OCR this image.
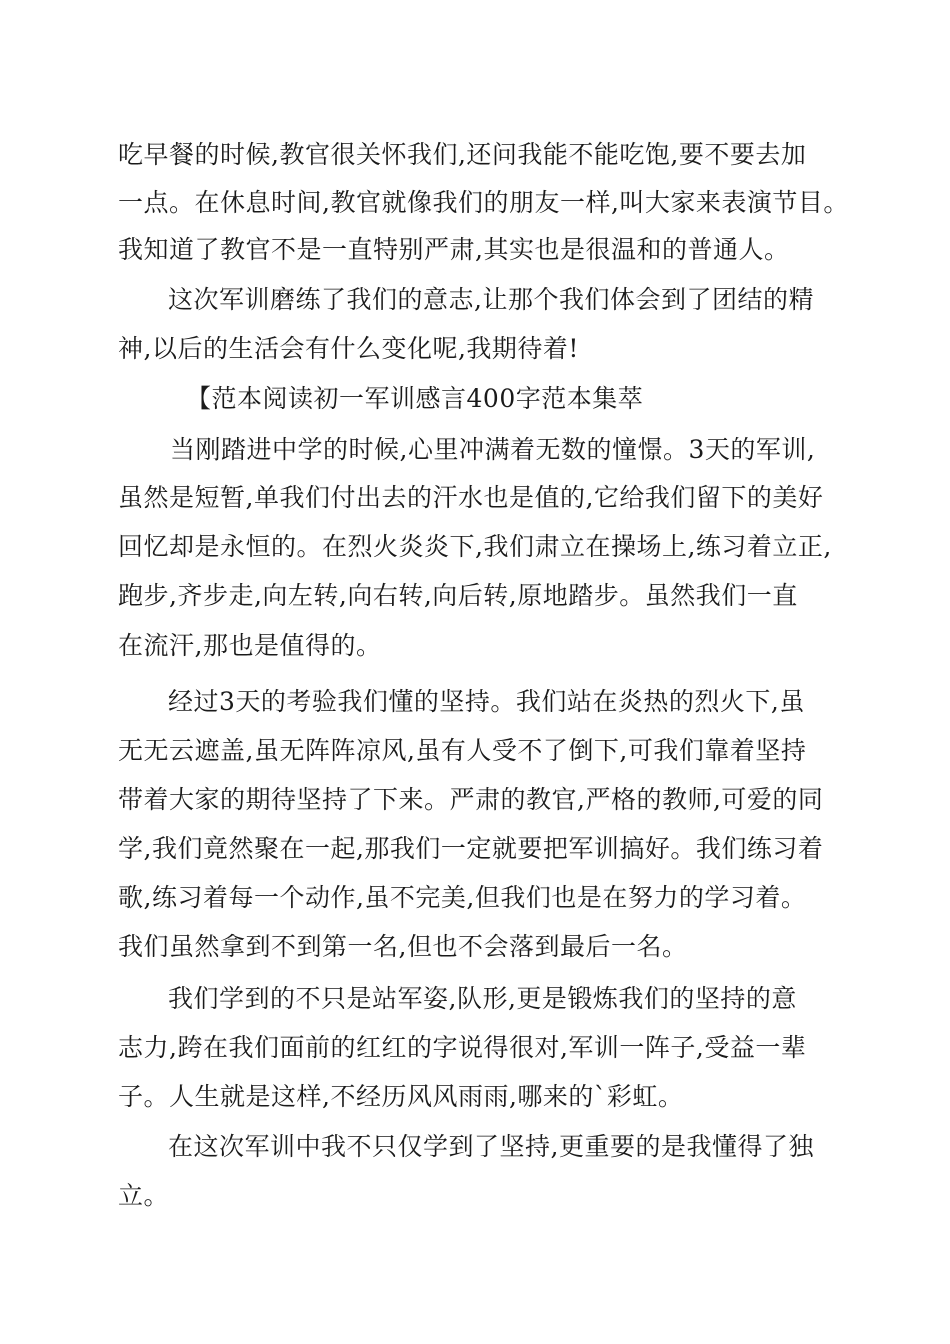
吃早餐的时候,教官很关怀我们,还问我能不能吃饱,要不要去加
一点。在休息时间,教官就像我们的朋友一样,叫大家来表演节目。
我知道了教官不是一直特别严肃,其实也是很温和的普通人。
这次军训磨练了我们的意志,让那个我们体会到了团结的精
神,以后的生活会有什么变化呢,我期待着!
【范本阅读初一军训感言400字范本集萃
当刚踏进中学的时候,心里冲满着无数的憧憬。3天的军训,
虽然是短暂,单我们付出去的汗水也是值的,它给我们留下的美好
回忆却是永恒的。在烈火炎炎下,我们肃立在操场上,练习着立正,
跑步,齐步走,向左转,向右转,向后转,原地踏步。虽然我们一直
在流汗,那也是值得的。
经过3天的考验我们懂的坚持。我们站在炎热的烈火下,虽
无无云遮盖,虽无阵阵凉风,虽有人受不了倒下,可我们靠着坚持
带着大家的期待坚持了下来。严肃的教官,严格的教师,可爱的同
学,我们竟然聚在一起,那我们一定就要把军训搞好。我们练习着
歌,练习着每一个动作,虽不完美,但我们也是在努力的学习着。
我们虽然拿到不到第一名,但也不会落到最后一名。
我们学到的不只是站军姿,队形,更是锻炼我们的坚持的意
志力,跨在我们面前的红红的字说得很对,军训一阵子,受益一辈
子。人生就是这样,不经历风风雨雨,哪来的`彩虹。
在这次军训中我不只仅学到了坚持,更重要的是我懂得了独
立。
